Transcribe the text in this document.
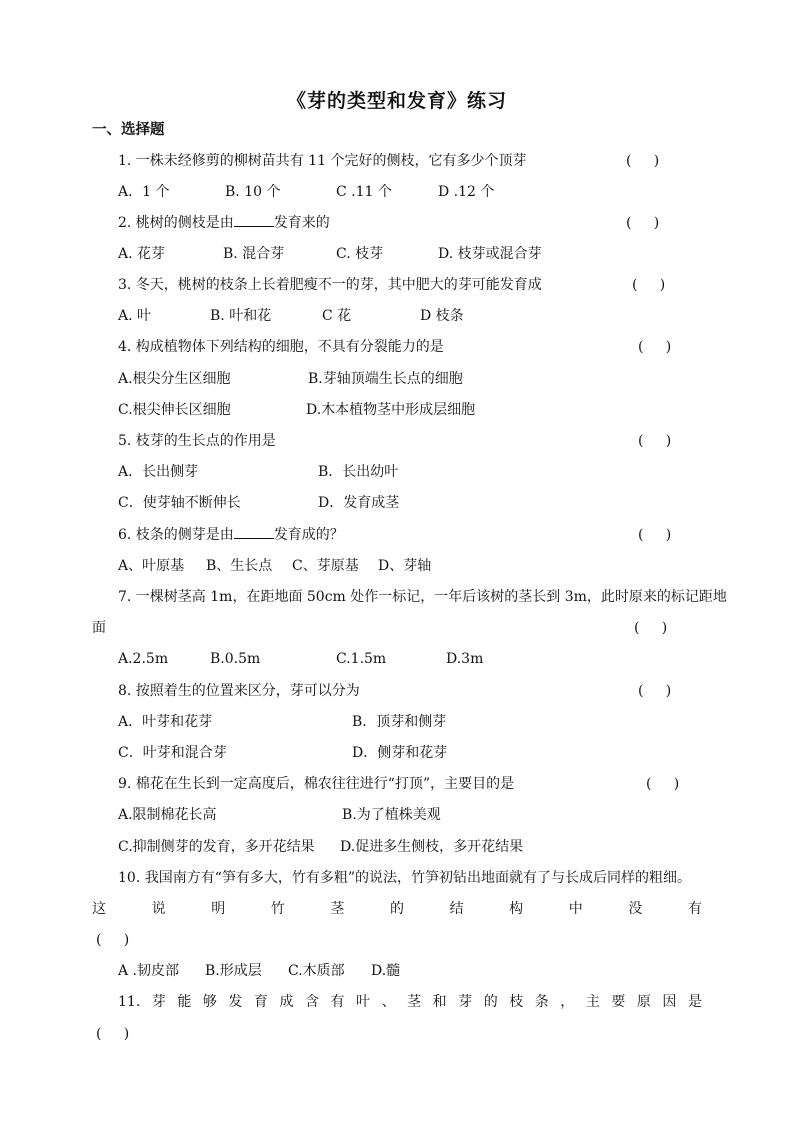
《芽的类型和发育》练习
一、选择题
1. 一株未经修剪的柳树苗共有 11 个完好的侧枝，它有多少个顶芽	(     )
A．1 个	B. 10 个	C .11 个	D .12 个
2. 桃树的侧枝是由	发育来的	(     )
A. 花芽	B. 混合芽	C. 枝芽	D. 枝芽或混合芽
3. 冬天，桃树的枝条上长着肥瘦不一的芽，其中肥大的芽可能发育成	(     )
A. 叶	B. 叶和花	C 花	D 枝条
4. 构成植物体下列结构的细胞，不具有分裂能力的是	(     )
A.根尖分生区细胞	B.芽轴顶端生长点的细胞
C.根尖伸长区细胞	D.木本植物茎中形成层细胞
5. 枝芽的生长点的作用是	(     )
A．长出侧芽	B．长出幼叶
C．使芽轴不断伸长	D．发育成茎
6. 枝条的侧芽是由	发育成的？	(     )
A、叶原基 B、生长点 C、芽原基 D、芽轴
7. 一棵树茎高 1m，在距地面 50cm 处作一标记，一年后该树的茎长到 3m，此时原来的标记距地
面	(     )
A.2.5m	B.0.5m	C.1.5m	D.3m
8. 按照着生的位置来区分，芽可以分为	(     )
A．叶芽和花芽	B．顶芽和侧芽
C．叶芽和混合芽	D．侧芽和花芽
9. 棉花在生长到一定高度后，棉农往往进行“打顶”，主要目的是	(     )
A.限制棉花长高	B.为了植株美观
C.抑制侧芽的发育，多开花结果 D.促进多生侧枝，多开花结果
10. 我国南方有“笋有多大，竹有多粗”的说法，竹笋初钻出地面就有了与长成后同样的粗细。
这	说	明	竹	茎	的	结	构	中	没	有
(     )
A .韧皮部 B.形成层 C.木质部 D.髓
11. 芽 能 够 发 育 成 含 有 叶 、 茎 和 芽 的 枝 条 ， 主 要 原 因 是
(     )
